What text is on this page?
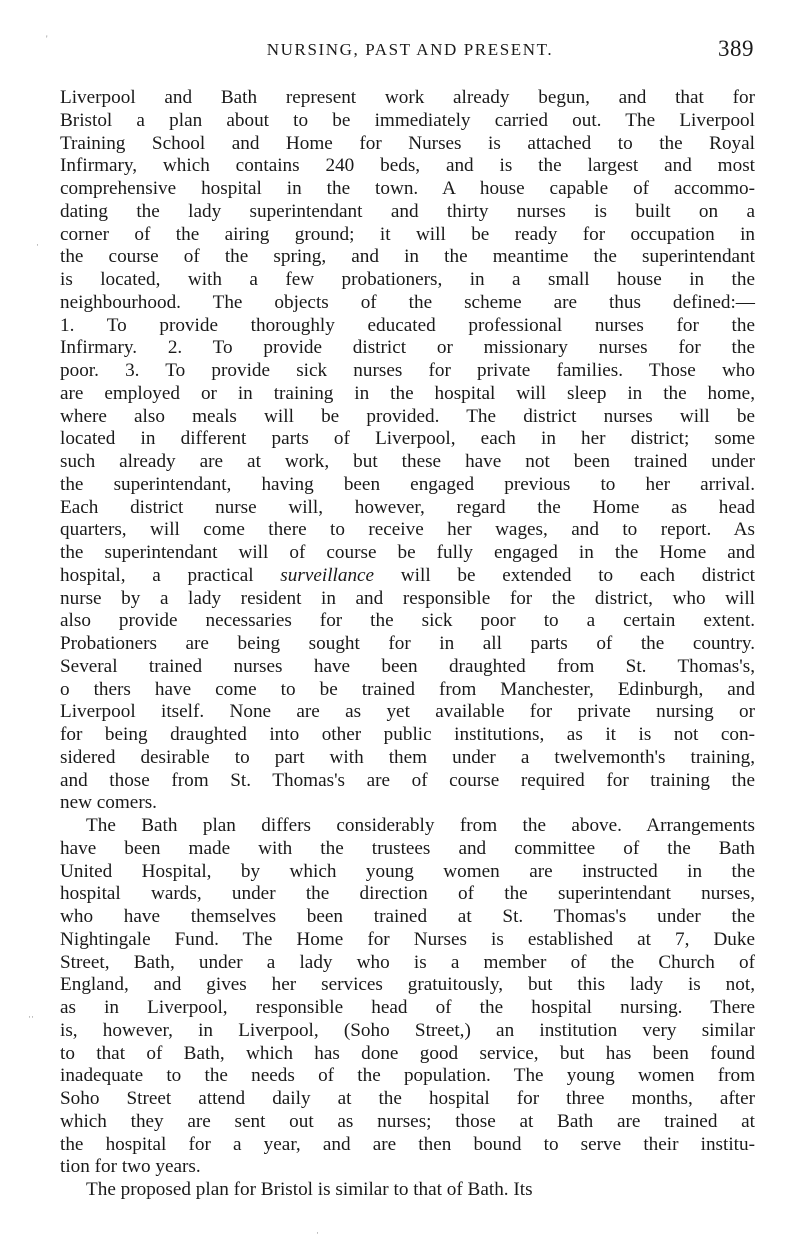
NURSING, PAST AND PRESENT.	389
Liverpool and Bath represent work already begun, and that for
Bristol a plan about to be immediately carried out. The Liverpool
Training School and Home for Nurses is attached to the Royal
Infirmary, which contains 240 beds, and is the largest and most
comprehensive hospital in the town. A house capable of accommo-
dating the lady superintendant and thirty nurses is built on a
corner of the airing ground; it will be ready for occupation in
the course of the spring, and in the meantime the superintendant
is located, with a few probationers, in a small house in the
neighbourhood. The objects of the scheme are thus defined:—
1. To provide thoroughly educated professional nurses for the
Infirmary. 2. To provide district or missionary nurses for the
poor. 3. To provide sick nurses for private families. Those who
are employed or in training in the hospital will sleep in the home,
where also meals will be provided. The district nurses will be
located in different parts of Liverpool, each in her district; some
such already are at work, but these have not been trained under
the superintendant, having been engaged previous to her arrival.
Each district nurse will, however, regard the Home as head
quarters, will come there to receive her wages, and to report. As
the superintendant will of course be fully engaged in the Home and
hospital, a practical surveillance will be extended to each district
nurse by a lady resident in and responsible for the district, who will
also provide necessaries for the sick poor to a certain extent.
Probationers are being sought for in all parts of the country.
Several trained nurses have been draughted from St. Thomas's,
o thers have come to be trained from Manchester, Edinburgh, and
Liverpool itself. None are as yet available for private nursing or
for being draughted into other public institutions, as it is not con-
sidered desirable to part with them under a twelvemonth's training,
and those from St. Thomas's are of course required for training the
new comers.
The Bath plan differs considerably from the above. Arrangements
have been made with the trustees and committee of the Bath
United Hospital, by which young women are instructed in the
hospital wards, under the direction of the superintendant nurses,
who have themselves been trained at St. Thomas's under the
Nightingale Fund. The Home for Nurses is established at 7, Duke
Street, Bath, under a lady who is a member of the Church of
England, and gives her services gratuitously, but this lady is not,
as in Liverpool, responsible head of the hospital nursing. There
is, however, in Liverpool, (Soho Street,) an institution very similar
to that of Bath, which has done good service, but has been found
inadequate to the needs of the population. The young women from
Soho Street attend daily at the hospital for three months, after
which they are sent out as nurses; those at Bath are trained at
the hospital for a year, and are then bound to serve their institu-
tion for two years.
The proposed plan for Bristol is similar to that of Bath. Its
'
·
··
·
